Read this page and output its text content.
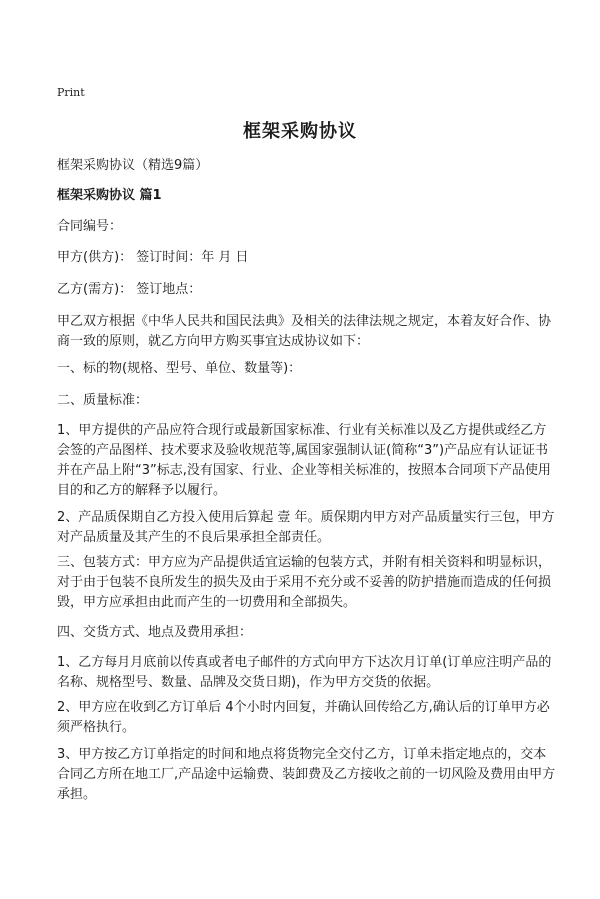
Print
框架采购协议
框架采购协议（精选9篇）
框架采购协议 篇1
合同编号：
甲方(供方)： 签订时间：年 月 日
乙方(需方)： 签订地点：
甲乙双方根据《中华人民共和国民法典》及相关的法律法规之规定，本着友好合作、协商一致的原则，就乙方向甲方购买事宜达成协议如下：
一、标的物(规格、型号、单位、数量等)：
二、质量标准：
1、甲方提供的产品应符合现行或最新国家标准、行业有关标准以及乙方提供或经乙方会签的产品图样、技术要求及验收规范等,属国家强制认证(简称“3”)产品应有认证证书并在产品上附“3”标志,没有国家、行业、企业等相关标准的，按照本合同项下产品使用目的和乙方的解释予以履行。
2、产品质保期自乙方投入使用后算起 壹 年。质保期内甲方对产品质量实行三包，甲方对产品质量及其产生的不良后果承担全部责任。
三、包装方式：甲方应为产品提供适宜运输的包装方式，并附有相关资料和明显标识，对于由于包装不良所发生的损失及由于采用不充分或不妥善的防护措施而造成的任何损毁，甲方应承担由此而产生的一切费用和全部损失。
四、交货方式、地点及费用承担：
1、乙方每月月底前以传真或者电子邮件的方式向甲方下达次月订单(订单应注明产品的名称、规格型号、数量、品牌及交货日期)，作为甲方交货的依据。
2、甲方应在收到乙方订单后 4个小时内回复，并确认回传给乙方,确认后的订单甲方必须严格执行。
3、甲方按乙方订单指定的时间和地点将货物完全交付乙方，订单未指定地点的，交本合同乙方所在地工厂,产品途中运输费、装卸费及乙方接收之前的一切风险及费用由甲方承担。
